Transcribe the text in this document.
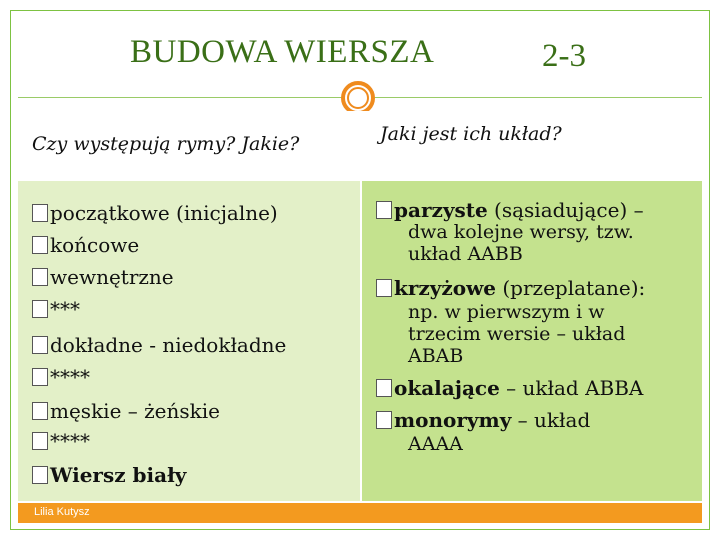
BUDOWA WIERSZA	2-3
Czy występują rymy? Jakie?	Jaki jest ich układ?
początkowe (inicjalne)
końcowe
wewnętrzne
***
dokładne - niedokładne
****
męskie – żeńskie
****
Wiersz biały
parzyste (sąsiadujące) –
dwa kolejne wersy, tzw.
układ AABB
krzyżowe (przeplatane):
np. w pierwszym i w
trzecim wersie – układ
ABAB
okalające – układ ABBA
monorymy – układ
AAAA
Lilia Kutysz
